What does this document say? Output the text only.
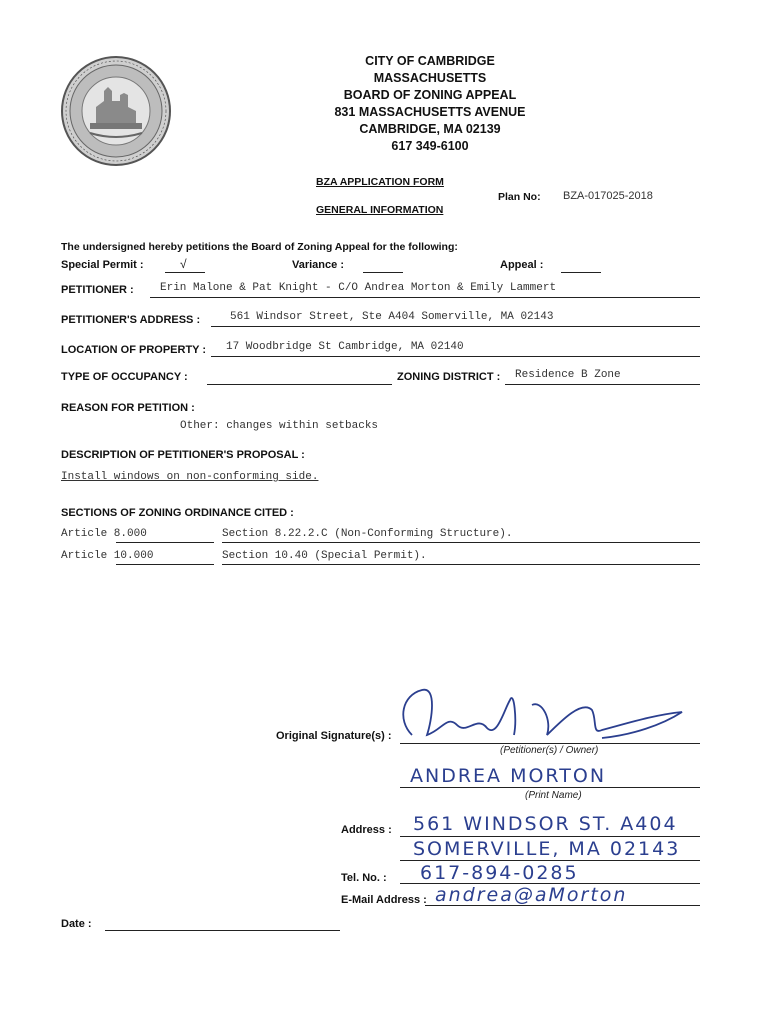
CITY OF CAMBRIDGE
MASSACHUSETTS
BOARD OF ZONING APPEAL
831 MASSACHUSETTS AVENUE
CAMBRIDGE, MA 02139
617 349-6100
BZA APPLICATION FORM
GENERAL INFORMATION
Plan No: BZA-017025-2018
The undersigned hereby petitions the Board of Zoning Appeal for the following:
Special Permit :	√	Variance :	Appeal :
PETITIONER : Erin Malone & Pat Knight - C/O Andrea Morton & Emily Lammert
PETITIONER'S ADDRESS :	561 Windsor Street, Ste A404 Somerville, MA 02143
LOCATION OF PROPERTY : 17 Woodbridge St Cambridge, MA 02140
TYPE OF OCCUPANCY :	ZONING DISTRICT : Residence B Zone
REASON FOR PETITION :
Other: changes within setbacks
DESCRIPTION OF PETITIONER'S PROPOSAL :
Install windows on non-conforming side.
SECTIONS OF ZONING ORDINANCE CITED :
Article 8.000	Section 8.22.2.C (Non-Conforming Structure).
Article 10.000	Section 10.40 (Special Permit).
Original Signature(s) :
(Petitioner(s) / Owner)
ANDREA MORTON
(Print Name)
Address : 561 WINDSOR ST. A404
SOMERVILLE, MA 02143
Tel. No. : 617-894-0285
E-Mail Address : andrea@aMorton
Date :
